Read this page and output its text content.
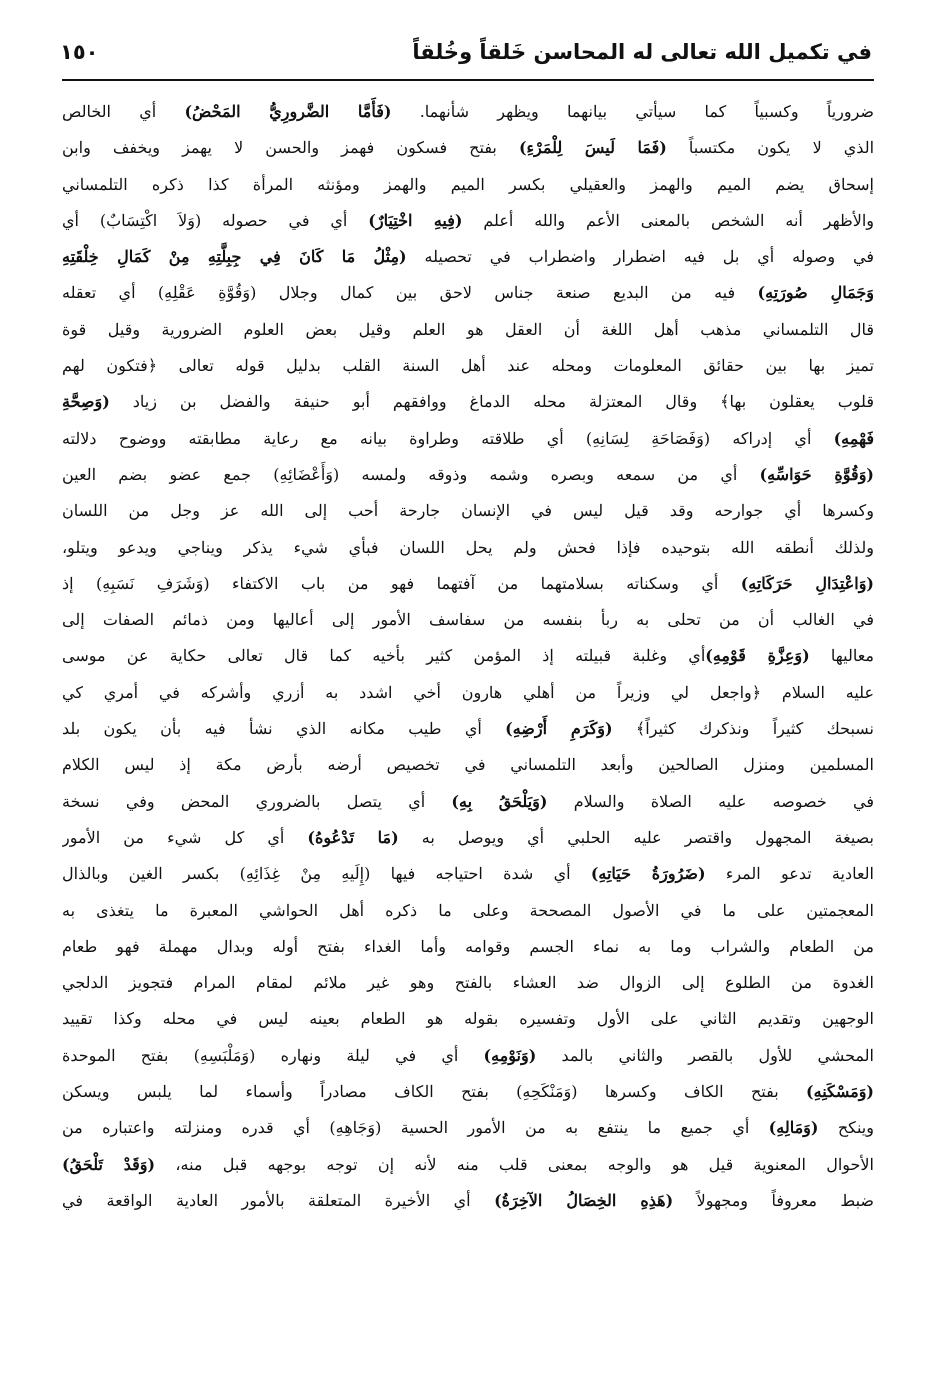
في تكميل الله تعالى له المحاسن خَلقاً وخُلقاً
١٥٠
ضرورياً وكسبياً كما سيأتي بيانهما ويظهر شأنهما. (فَأَمَّا الضَّرورِيُّ المَحْضُ) أي الخالص
الذي لا يكون مكتسباً (فَمَا لَيسَ لِلْمَرْءِ) بفتح فسكون فهمز والحسن لا يهمز ويخفف وابن
إسحاق يضم الميم والهمز والعقيلي بكسر الميم والهمز ومؤنثه المرأة كذا ذكره التلمساني
والأظهر أنه الشخص بالمعنى الأعم والله أعلم (فِيهِ اخْتِيَارٌ) أي في حصوله (وَلاَ اكْتِسَابٌ) أي
في وصوله أي بل فيه اضطرار واضطراب في تحصيله (مِثْلُ مَا كَانَ فِي جِبِلَّتِهِ مِنْ كَمَالِ خِلْقَتِهِ
وَجَمَالِ صُورَتِهِ) فيه من البديع صنعة جناس لاحق بين كمال وجلال (وَقُوَّةِ عَقْلِهِ) أي تعقله
قال التلمساني مذهب أهل اللغة أن العقل هو العلم وقيل بعض العلوم الضرورية وقيل قوة
تميز بها بين حقائق المعلومات ومحله عند أهل السنة القلب بدليل قوله تعالى ﴿فتكون لهم
قلوب يعقلون بها﴾ وقال المعتزلة محله الدماغ ووافقهم أبو حنيفة والفضل بن زياد (وَصِحَّةِ
فَهْمِهِ) أي إدراكه (وَفَصَاحَةِ لِسَانِهِ) أي طلاقته وطراوة بيانه مع رعاية مطابقته ووضوح دلالته
(وَقُوَّةِ حَوَاسِّهِ) أي من سمعه وبصره وشمه وذوقه ولمسه (وَأَعْضَائِهِ) جمع عضو بضم العين
وكسرها أي جوارحه وقد قيل ليس في الإنسان جارحة أحب إلى الله عز وجل من اللسان
ولذلك أنطقه الله بتوحيده فإذا فحش ولم يحل اللسان فبأي شيء يذكر ويناجي ويدعو ويتلو،
(وَاعْتِدَالِ حَرَكَاتِهِ) أي وسكناته بسلامتهما من آفتهما فهو من باب الاكتفاء (وَشَرَفِ نَسَبِهِ) إذ
في الغالب أن من تحلى به ربأ بنفسه من سفاسف الأمور إلى أعاليها ومن ذمائم الصفات إلى
معاليها (وَعِزَّةِ قَوْمِهِ)أي وغلبة قبيلته إذ المؤمن كثير بأخيه كما قال تعالى حكاية عن موسى
عليه السلام ﴿واجعل لي وزيراً من أهلي هارون أخي اشدد به أزري وأشركه في أمري كي
نسبحك كثيراً ونذكرك كثيراً﴾ (وَكَرَمِ أَرْضِهِ) أي طيب مكانه الذي نشأ فيه بأن يكون بلد
المسلمين ومنزل الصالحين وأبعد التلمساني في تخصيص أرضه بأرض مكة إذ ليس الكلام
في خصوصه عليه الصلاة والسلام (وَيَلْحَقُ بِهِ) أي يتصل بالضروري المحض وفي نسخة
بصيغة المجهول واقتصر عليه الحلبي أي ويوصل به (مَا تَدْعُوهُ) أي كل شيء من الأمور
العادية تدعو المرء (ضَرُورَةُ حَيَاتِهِ) أي شدة احتياجه فيها (إِلَيهِ مِنْ غِذَائِهِ) بكسر الغين وبالذال
المعجمتين على ما في الأصول المصححة وعلى ما ذكره أهل الحواشي المعبرة ما يتغذى به
من الطعام والشراب وما به نماء الجسم وقوامه وأما الغداء بفتح أوله وبدال مهملة فهو طعام
الغدوة من الطلوع إلى الزوال ضد العشاء بالفتح وهو غير ملائم لمقام المرام فتجويز الدلجي
الوجهين وتقديم الثاني على الأول وتفسيره بقوله هو الطعام بعينه ليس في محله وكذا تقييد
المحشي للأول بالقصر والثاني بالمد (وَنَوْمِهِ) أي في ليلة ونهاره (وَمَلْبَسِهِ) بفتح الموحدة
(وَمَسْكَنِهِ) بفتح الكاف وكسرها (وَمَنْكَحِهِ) بفتح الكاف مصادراً وأسماء لما يلبس ويسكن
وينكح (وَمَالِهِ) أي جميع ما ينتفع به من الأمور الحسية (وَجَاهِهِ) أي قدره ومنزلته واعتباره من
الأحوال المعنوية قيل هو والوجه بمعنى قلب منه لأنه إن توجه بوجهه قبل منه، (وَقَدْ تَلْحَقُ)
ضبط معروفاً ومجهولاً (هَذِهِ الخِصَالُ الآخِرَةُ) أي الأخيرة المتعلقة بالأمور العادية الواقعة في
